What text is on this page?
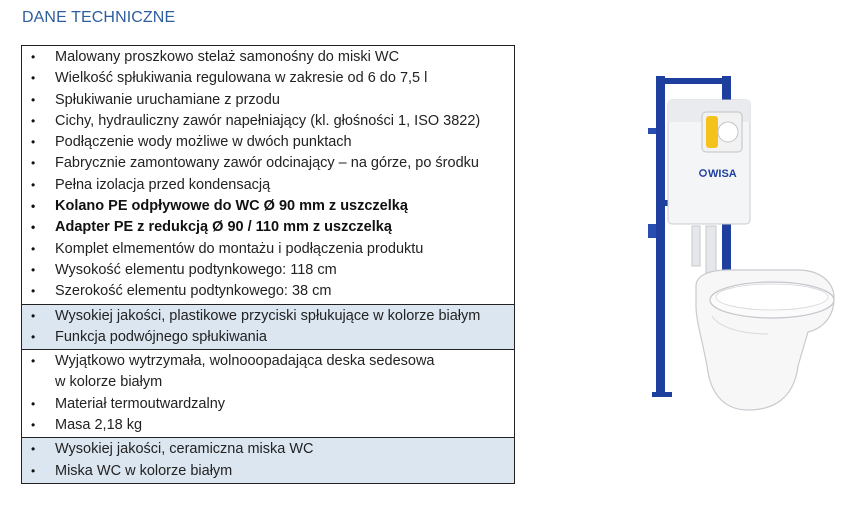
DANE TECHNICZNE
• Malowany proszkowo stelaż samonośny do miski WC
• Wielkość spłukiwania regulowana w zakresie od 6 do 7,5 l
• Spłukiwanie uruchamiane z przodu
• Cichy, hydrauliczny zawór napełniający (kl. głośności 1, ISO 3822)
• Podłączenie wody możliwe w dwóch punktach
• Fabrycznie zamontowany zawór odcinający – na górze, po środku
• Pełna izolacja przed kondensacją
• Kolano PE odpływowe do WC Ø 90 mm z uszczelką
• Adapter PE z redukcją Ø 90 / 110 mm z uszczelką
• Komplet elmementów do montażu i podłączenia produktu
• Wysokość elementu podtynkowego: 118 cm
• Szerokość elementu podtynkowego: 38 cm
• Wysokiej jakości, plastikowe przyciski spłukujące w kolorze białym
• Funkcja podwójnego spłukiwania
• Wyjątkowo wytrzymała, wolnooopadająca deska sedesowa
w kolorze białym
• Materiał termoutwardzalny
• Masa 2,18 kg
• Wysokiej jakości, ceramiczna miska WC
• Miska WC w kolorze białym
WISA
